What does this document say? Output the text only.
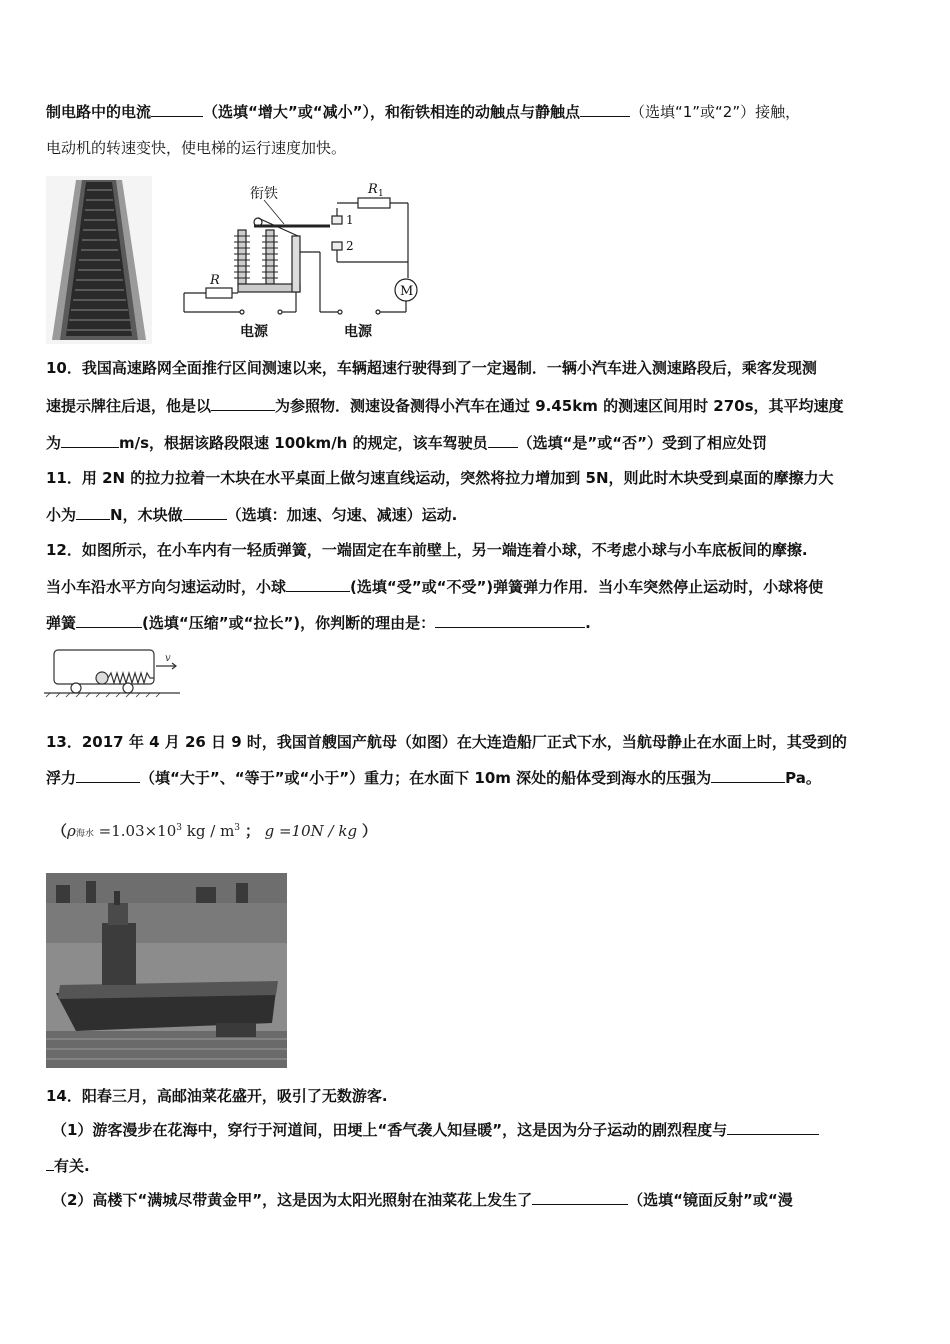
制电路中的电流	（选填“增大”或“减小”），和衔铁相连的动触点与静触点	（选填“1”或“2”）接触，
电动机的转速变快，使电梯的运行速度加快。
衔铁	R 1
R
1
2
M
电源	电源
10．我国高速路网全面推行区间测速以来，车辆超速行驶得到了一定遏制．一辆小汽车进入测速路段后，乘客发现测
速提示牌往后退，他是以	为参照物．测速设备测得小汽车在通过 9.45km 的测速区间用时 270s，其平均速度
为	m/s，根据该路段限速 100km/h 的规定，该车驾驶员 （选填“是”或“否”）受到了相应处罚
11．用 2N 的拉力拉着一木块在水平桌面上做匀速直线运动，突然将拉力增加到 5N，则此时木块受到桌面的摩擦力大
小为 N，木块做	（选填：加速、匀速、减速）运动.
12．如图所示，在小车内有一轻质弹簧，一端固定在车前壁上，另一端连着小球，不考虑小球与小车底板间的摩擦.
当小车沿水平方向匀速运动时，小球	(选填“受”或“不受”)弹簧弹力作用．当小车突然停止运动时，小球将使
弹簧	(选填“压缩”或“拉长”)，你判断的理由是：	.
v
13．2017 年 4 月 26 日 9 时，我国首艘国产航母（如图）在大连造船厂正式下水，当航母静止在水面上时，其受到的
浮力	（填“大于”、“等于”或“小于”）重力；在水面下 10m 深处的船体受到海水的压强为	Pa。
（ρ海水 $=1.03\times 10^3$ kg / $m^3$ ； g =10N / kg ）
14．阳春三月，高邮油菜花盛开，吸引了无数游客.
（1）游客漫步在花海中，穿行于河道间，田埂上“香气袭人知昼暖”，这是因为分子运动的剧烈程度与
有关.
（2）高楼下“满城尽带黄金甲”，这是因为太阳光照射在油菜花上发生了	（选填“镜面反射”或“漫
